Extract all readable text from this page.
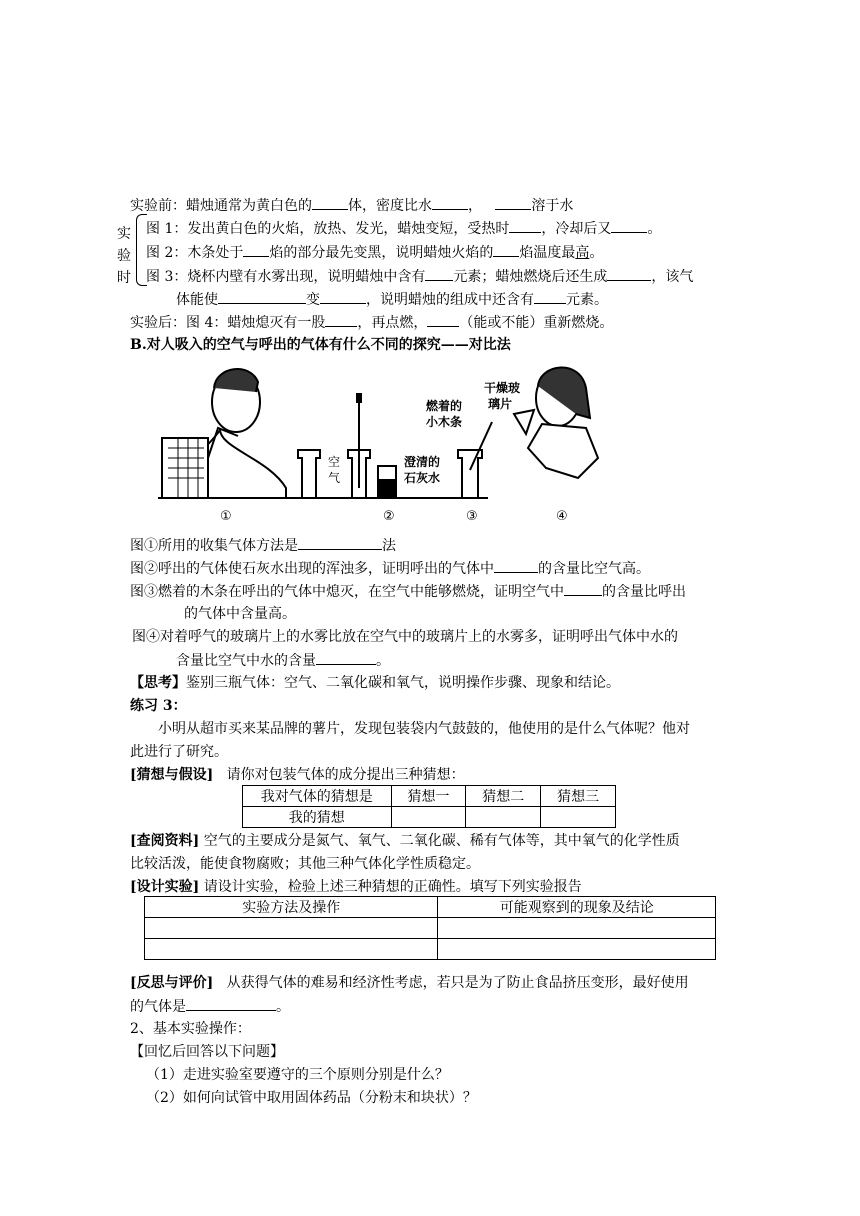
实验前：蜡烛通常为黄白色的	体，密度比水	，	溶于水
实
验
时
图 1：发出黄白色的火焰，放热、发光，蜡烛变短，受热时 ，冷却后又	。
图 2：木条处于 焰的部分最先变黑，说明蜡烛火焰的 焰温度最高。
图 3：烧杯内壁有水雾出现，说明蜡烛中含有 元素；蜡烛燃烧后还生成	，该气
体能使	变	，说明蜡烛的组成中还含有 元素。
实验后：图 4：蜡烛熄灭有一股 ，再点燃， （能或不能）重新燃烧。
B.对人吸入的空气与呼出的气体有什么不同的探究——对比法
空
气
澄清的
石灰水
燃着的
小木条
干燥玻
璃片
①	②	③	④
图①所用的收集气体方法是	法
图②呼出的气体使石灰水出现的浑浊多，证明呼出的气体中	的含量比空气高。
图③燃着的木条在呼出的气体中熄灭，在空气中能够燃烧，证明空气中	的含量比呼出
的气体中含量高。
图④对着呼气的玻璃片上的水雾比放在空气中的玻璃片上的水雾多，证明呼出气体中水的
含量比空气中水的含量	。
【思考】鉴别三瓶气体：空气、二氧化碳和氧气，说明操作步骤、现象和结论。
练习 3：
小明从超市买来某品牌的薯片，发现包装袋内气鼓鼓的，他使用的是什么气体呢？他对
此进行了研究。
[猜想与假设] 请你对包装气体的成分提出三种猜想：
我对气体的猜想是	猜想一	猜想二	猜想三
我的猜想			
[查阅资料] 空气的主要成分是氮气、氧气、二氧化碳、稀有气体等，其中氧气的化学性质
比较活泼，能使食物腐败；其他三种气体化学性质稳定。
[设计实验] 请设计实验，检验上述三种猜想的正确性。填写下列实验报告
实验方法及操作	可能观察到的现象及结论

[反思与评价] 从获得气体的难易和经济性考虑，若只是为了防止食品挤压变形，最好使用
的气体是	。
2、基本实验操作：
【回忆后回答以下问题】
（1）走进实验室要遵守的三个原则分别是什么？
（2）如何向试管中取用固体药品（分粉末和块状）？
